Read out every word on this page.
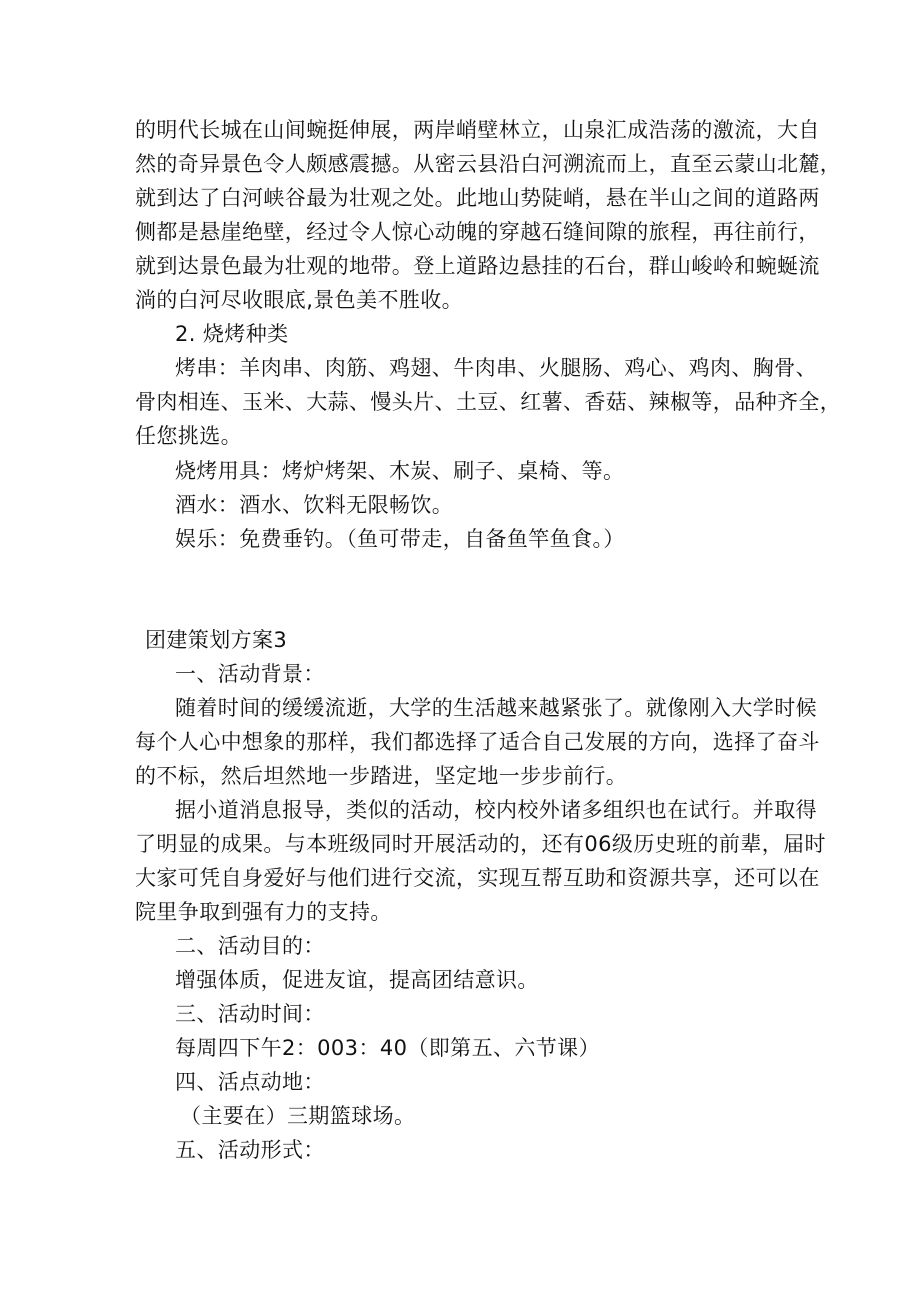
的明代长城在山间蜿挺伸展，两岸峭壁林立，山泉汇成浩荡的激流，大自
然的奇异景色令人颇感震撼。从密云县沿白河溯流而上，直至云蒙山北麓，
就到达了白河峡谷最为壮观之处。此地山势陡峭，悬在半山之间的道路两
侧都是悬崖绝壁，经过令人惊心动魄的穿越石缝间隙的旅程，再往前行，
就到达景色最为壮观的地带。登上道路边悬挂的石台，群山峻岭和蜿蜒流
淌的白河尽收眼底,景色美不胜收。
2. 烧烤种类
烤串：羊肉串、肉筋、鸡翅、牛肉串、火腿肠、鸡心、鸡肉、胸骨、
骨肉相连、玉米、大蒜、慢头片、土豆、红薯、香菇、辣椒等，品种齐全，
任您挑选。
烧烤用具：烤炉烤架、木炭、刷子、桌椅、等。
酒水：酒水、饮料无限畅饮。
娱乐：免费垂钓。（鱼可带走，自备鱼竿鱼食。）
团建策划方案3
一、活动背景：
随着时间的缓缓流逝，大学的生活越来越紧张了。就像刚入大学时候
每个人心中想象的那样，我们都选择了适合自己发展的方向，选择了奋斗
的不标，然后坦然地一步踏进，坚定地一步步前行。
据小道消息报导，类似的活动，校内校外诸多组织也在试行。并取得
了明显的成果。与本班级同时开展活动的，还有06级历史班的前辈，届时
大家可凭自身爱好与他们进行交流，实现互帮互助和资源共享，还可以在
院里争取到强有力的支持。
二、活动目的：
增强体质，促进友谊，提高团结意识。
三、活动时间：
每周四下午2：003：40（即第五、六节课）
四、活点动地：
（主要在）三期篮球场。
五、活动形式：
